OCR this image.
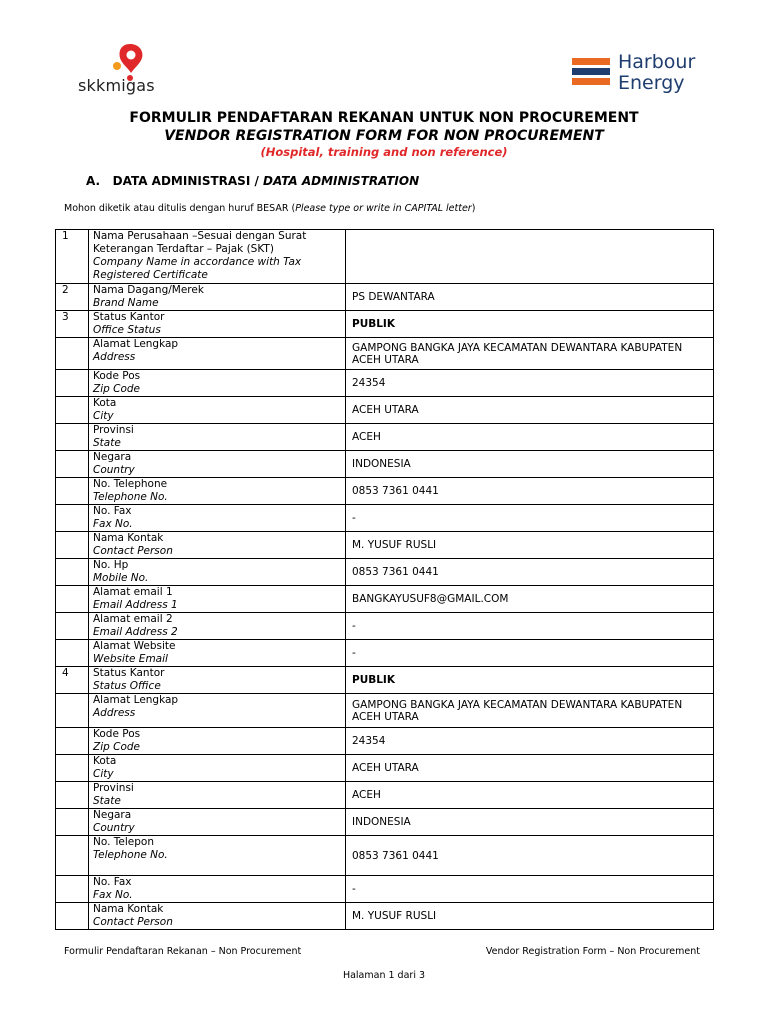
skkmigas
Harbour
Energy
FORMULIR PENDAFTARAN REKANAN UNTUK NON PROCUREMENT
VENDOR REGISTRATION FORM FOR NON PROCUREMENT
(Hospital, training and non reference)
A. DATA ADMINISTRASI / DATA ADMINISTRATION
Mohon diketik atau ditulis dengan huruf BESAR (Please type or write in CAPITAL letter)
1	Nama Perusahaan –Sesuai dengan Surat Keterangan Terdaftar – Pajak (SKT)
Company Name in accordance with Tax Registered Certificate	

2	Nama Dagang/Merek
Brand Name	PS DEWANTARA
3	Status Kantor
Office Status	PUBLIK

	Alamat Lengkap
Address	GAMPONG BANGKA JAYA KECAMATAN DEWANTARA KABUPATEN ACEH UTARA

	Kode Pos
Zip Code	24354

	Kota
City	ACEH UTARA

	Provinsi
State	ACEH

	Negara
Country	INDONESIA

	No. Telephone
Telephone No.	0853 7361 0441

	No. Fax
Fax No.	-

	Nama Kontak
Contact Person	M. YUSUF RUSLI

	No. Hp
Mobile No.	0853 7361 0441

	Alamat email 1
Email Address 1	BANGKAYUSUF8@GMAIL.COM

	Alamat email 2
Email Address 2	-

	Alamat Website
Website Email	-
4	Status Kantor
Status Office	PUBLIK

	Alamat Lengkap
Address	GAMPONG BANGKA JAYA KECAMATAN DEWANTARA KABUPATEN ACEH UTARA

	Kode Pos
Zip Code	24354

	Kota
City	ACEH UTARA

	Provinsi
State	ACEH

	Negara
Country	INDONESIA

	No. Telepon
Telephone No.	0853 7361 0441

	No. Fax
Fax No.	-

	Nama Kontak
Contact Person	M. YUSUF RUSLI
Formulir Pendaftaran Rekanan – Non Procurement	Vendor Registration Form – Non Procurement
Halaman 1 dari 3
